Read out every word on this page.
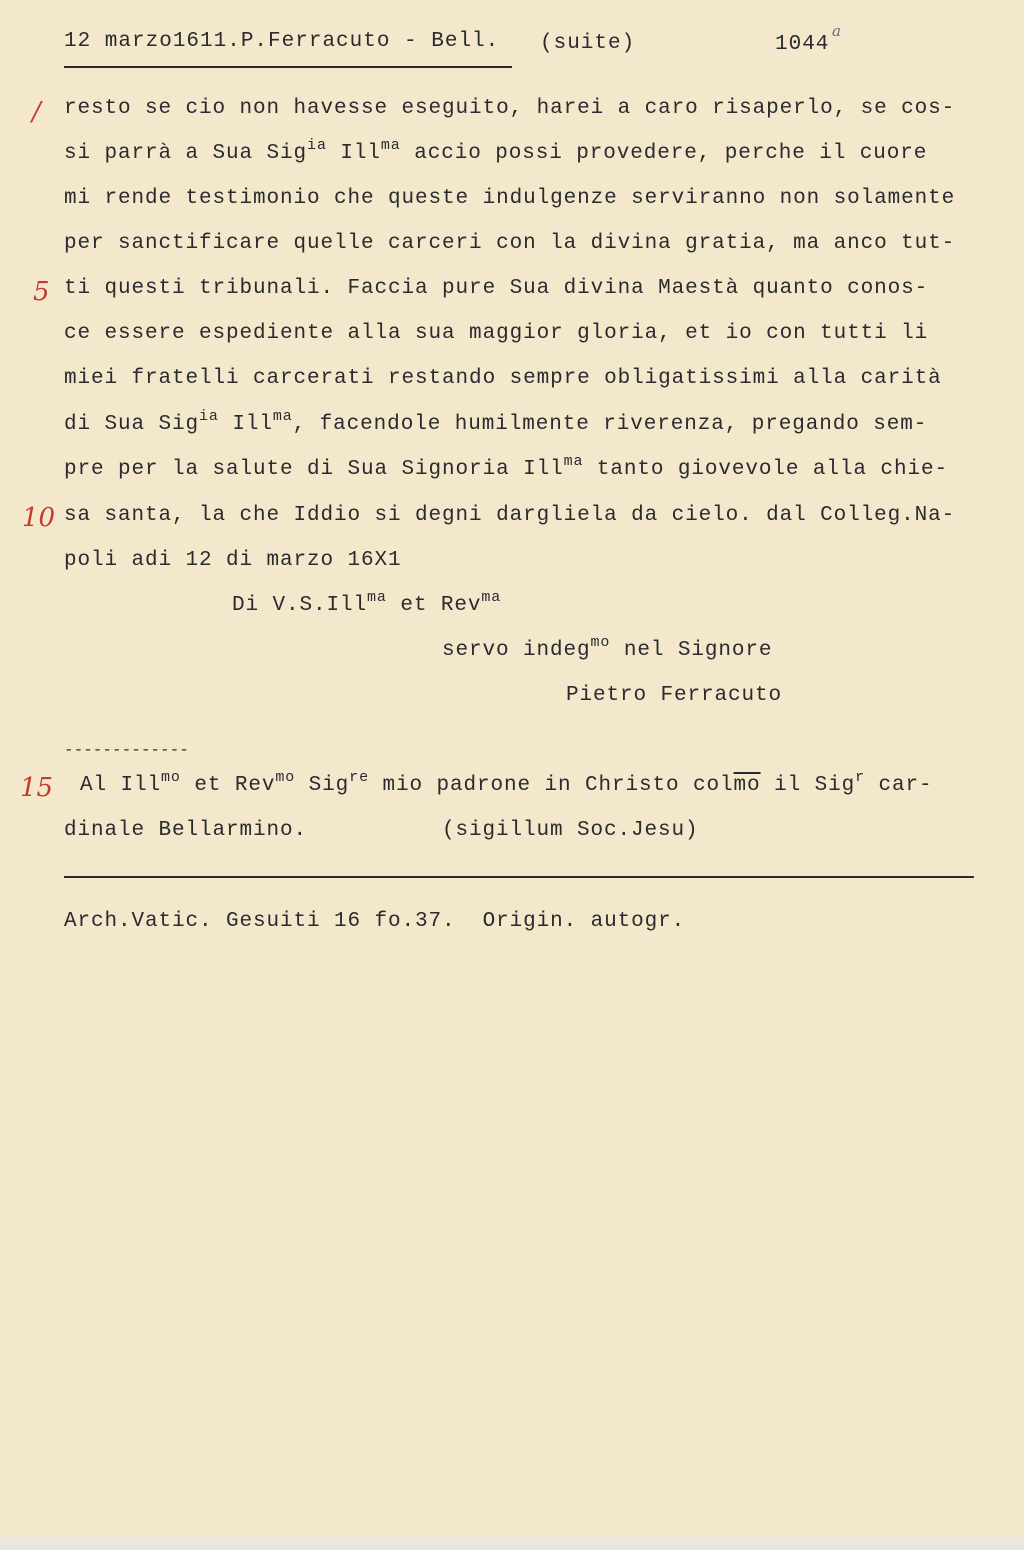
12 marzo1611.P.Ferracuto - Bell. (suite)	1044
a
/
5
10
15
resto se cio non havesse eseguito, harei a caro risaperlo, se cos-
si parrà a Sua Sig$^{ia}$ Ill$^{ma}$ accio possi provedere, perche il cuore
mi rende testimonio che queste indulgenze serviranno non solamente
per sanctificare quelle carceri con la divina gratia, ma anco tut-
ti questi tribunali. Faccia pure Sua divina Maestà quanto conos-
ce essere espediente alla sua maggior gloria, et io con tutti li
miei fratelli carcerati restando sempre obligatissimi alla carità
di Sua Sig$^{ia}$ Ill$^{ma}$, facendole humilmente riverenza, pregando sem-
pre per la salute di Sua Signoria Ill$^{ma}$ tanto giovevole alla chie-
sa santa, la che Iddio si degni dargliela da cielo. dal Colleg.Na-
poli adi 12 di marzo 16X1
Di V.S.Ill$^{ma}$ et Rev$^{ma}$
servo indeg$^{mo}$ nel Signore
Pietro Ferracuto
-------------
Al Ill$^{mo}$ et Rev$^{mo}$ Sig$^{re}$ mio padrone in Christo $col\overline{mo}$ il Sig$^r$ car-
dinale Bellarmino.	(sigillum Soc.Jesu)
Arch.Vatic. Gesuiti 16 fo.37.  Origin. autogr.
